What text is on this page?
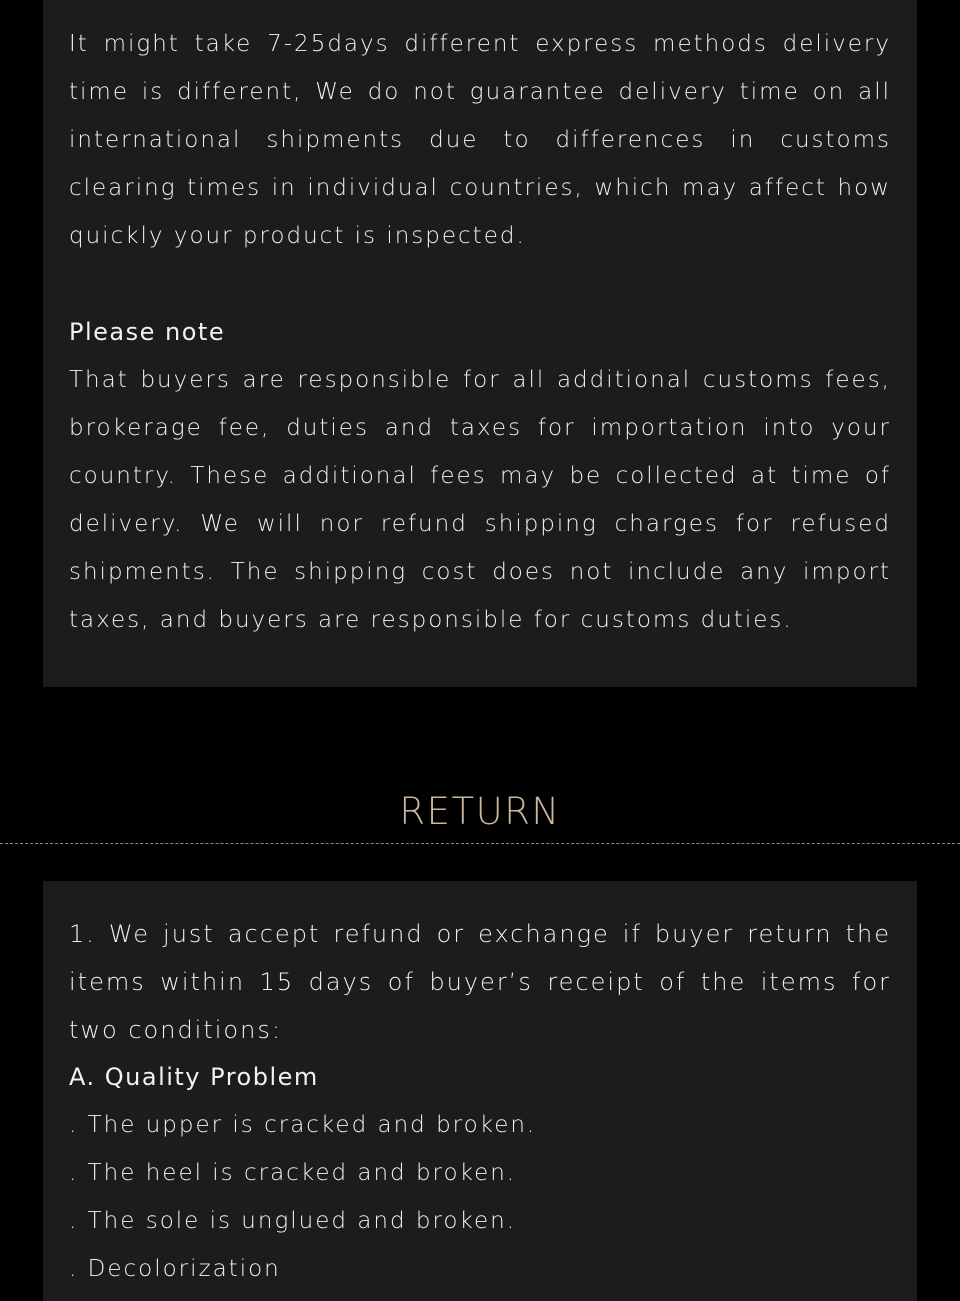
It might take 7-25days different express methods delivery time is different, We do not guarantee delivery time on all international shipments due to differences in customs clearing times in individual countries, which may affect how quickly your product is inspected.

Please note

That buyers are responsible for all additional customs fees, brokerage fee, duties and taxes for importation into your country. These additional fees may be collected at time of delivery. We will nor refund shipping charges for refused shipments. The shipping cost does not include any import taxes, and buyers are responsible for customs duties.

RETURN

1. We just accept refund or exchange if buyer return the items within 15 days of buyer’s receipt of the items for two conditions:

A. Quality Problem

. The upper is cracked and broken.

. The heel is cracked and broken.

. The sole is unglued and broken.

. Decolorization
